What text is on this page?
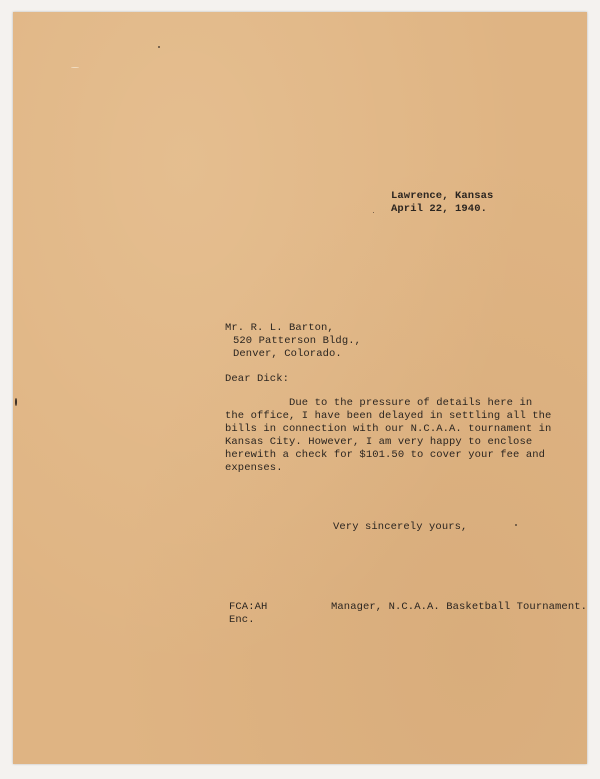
Lawrence, Kansas
April 22, 1940.
Mr. R. L. Barton,
520 Patterson Bldg.,
Denver, Colorado.
Dear Dick:
Due to the pressure of details here in
the office, I have been delayed in settling all the
bills in connection with our N.C.A.A. tournament in
Kansas City. However, I am very happy to enclose
herewith a check for $101.50 to cover your fee and
expenses.
Very sincerely yours,
FCA:AH
Enc.
Manager, N.C.A.A. Basketball Tournament.
